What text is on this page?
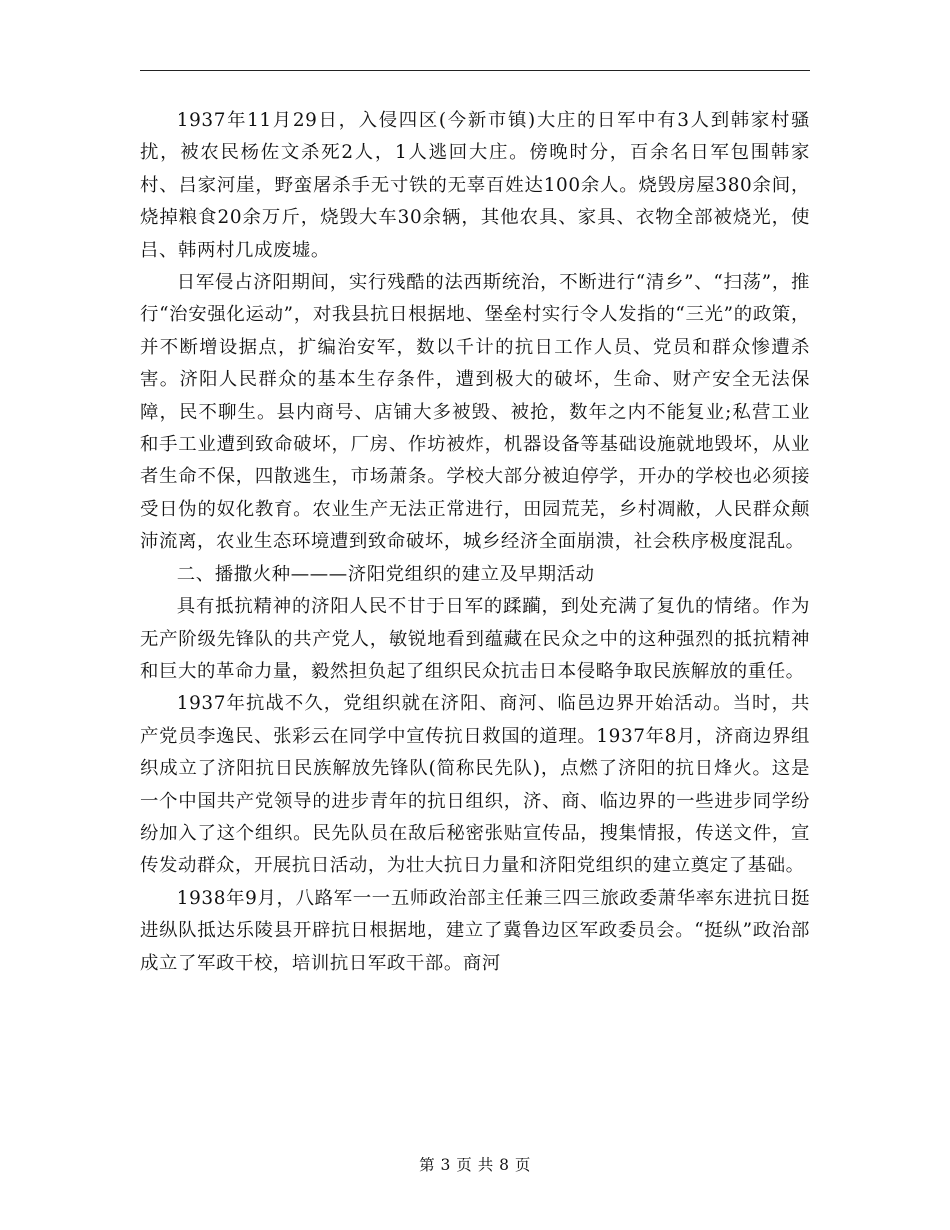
1937年11月29日，入侵四区(今新市镇)大庄的日军中有3人到韩家村骚扰，被农民杨佐文杀死2人，1人逃回大庄。傍晚时分，百余名日军包围韩家村、吕家河崖，野蛮屠杀手无寸铁的无辜百姓达100余人。烧毁房屋380余间，烧掉粮食20余万斤，烧毁大车30余辆，其他农具、家具、衣物全部被烧光，使吕、韩两村几成废墟。

日军侵占济阳期间，实行残酷的法西斯统治，不断进行“清乡”、“扫荡”，推行“治安强化运动”，对我县抗日根据地、堡垒村实行令人发指的“三光”的政策，并不断增设据点，扩编治安军，数以千计的抗日工作人员、党员和群众惨遭杀害。济阳人民群众的基本生存条件，遭到极大的破坏，生命、财产安全无法保障，民不聊生。县内商号、店铺大多被毁、被抢，数年之内不能复业;私营工业和手工业遭到致命破坏，厂房、作坊被炸，机器设备等基础设施就地毁坏，从业者生命不保，四散逃生，市场萧条。学校大部分被迫停学，开办的学校也必须接受日伪的奴化教育。农业生产无法正常进行，田园荒芜，乡村凋敝，人民群众颠沛流离，农业生态环境遭到致命破坏，城乡经济全面崩溃，社会秩序极度混乱。

二、播撒火种———济阳党组织的建立及早期活动

具有抵抗精神的济阳人民不甘于日军的蹂躏，到处充满了复仇的情绪。作为无产阶级先锋队的共产党人，敏锐地看到蕴藏在民众之中的这种强烈的抵抗精神和巨大的革命力量，毅然担负起了组织民众抗击日本侵略争取民族解放的重任。

1937年抗战不久，党组织就在济阳、商河、临邑边界开始活动。当时，共产党员李逸民、张彩云在同学中宣传抗日救国的道理。1937年8月，济商边界组织成立了济阳抗日民族解放先锋队(简称民先队)，点燃了济阳的抗日烽火。这是一个中国共产党领导的进步青年的抗日组织，济、商、临边界的一些进步同学纷纷加入了这个组织。民先队员在敌后秘密张贴宣传品，搜集情报，传送文件，宣传发动群众，开展抗日活动，为壮大抗日力量和济阳党组织的建立奠定了基础。

1938年9月，八路军一一五师政治部主任兼三四三旅政委萧华率东进抗日挺进纵队抵达乐陵县开辟抗日根据地，建立了冀鲁边区军政委员会。“挺纵”政治部成立了军政干校，培训抗日军政干部。商河

第 3 页 共 8 页
